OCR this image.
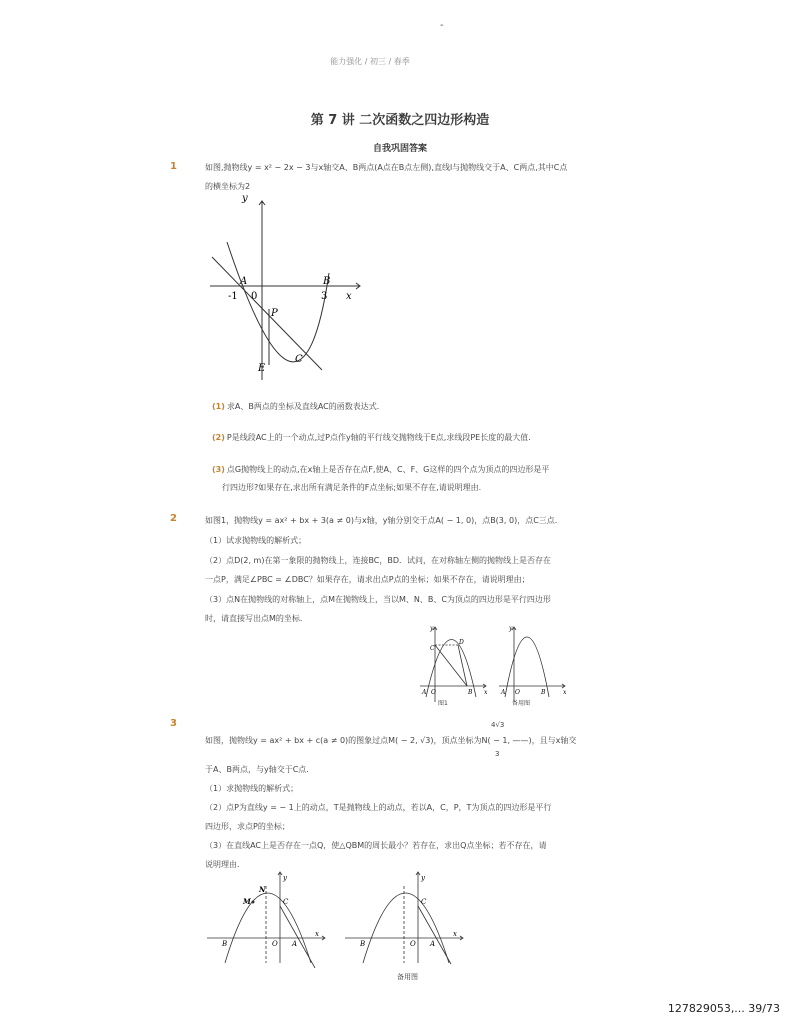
-
能力强化 / 初三 / 春季
第 7 讲 二次函数之四边形构造
自我巩固答案
1	如图,抛物线y = x² − 2x − 3与x轴交A、B两点(A点在B点左侧),直线l与抛物线交于A、C两点,其中C点
的横坐标为2
y
x
A	B
-1 0	3
P
C
E
(1) 求A、B两点的坐标及直线AC的函数表达式.
(2) P是线段AC上的一个动点,过P点作y轴的平行线交抛物线于E点,求线段PE长度的最大值.
(3) 点G抛物线上的动点,在x轴上是否存在点F,使A、C、F、G这样的四个点为顶点的四边形是平
行四边形?如果存在,求出所有满足条件的F点坐标;如果不存在,请说明理由.
2	如图1，抛物线y = ax² + bx + 3(a ≠ 0)与x轴，y轴分别交于点A( − 1, 0)，点B(3, 0)，点C三点．
（1）试求抛物线的解析式；
（2）点D(2, m)在第一象限的抛物线上，连接BC，BD．试问，在对称轴左侧的抛物线上是否存在
一点P，满足∠PBC = ∠DBC？如果存在，请求出点P点的坐标；如果不存在，请说明理由；
（3）点N在抛物线的对称轴上，点M在抛物线上，当以M、N、B、C为顶点的四边形是平行四边形
时，请直接写出点M的坐标．
y
x
C
D
A O	B
图1
y
x
A O	B
备用图
3	4√3
如图，抛物线y = ax² + bx + c(a ≠ 0)的图象过点M( − 2, √3)，顶点坐标为N( − 1, ——)，且与x轴交
3
于A、B两点，与y轴交于C点．
（1）求抛物线的解析式；
（2）点P为直线y = − 1上的动点，T是抛物线上的动点，若以A，C，P，T为顶点的四边形是平行
四边形，求点P的坐标；
（3）在直线AC上是否存在一点Q，使△QBM的周长最小？若存在，求出Q点坐标；若不存在，请
说明理由．
x
y
N
M	C
B	O A
x
y
C
B	O A
备用图
127829053,... 39/73
